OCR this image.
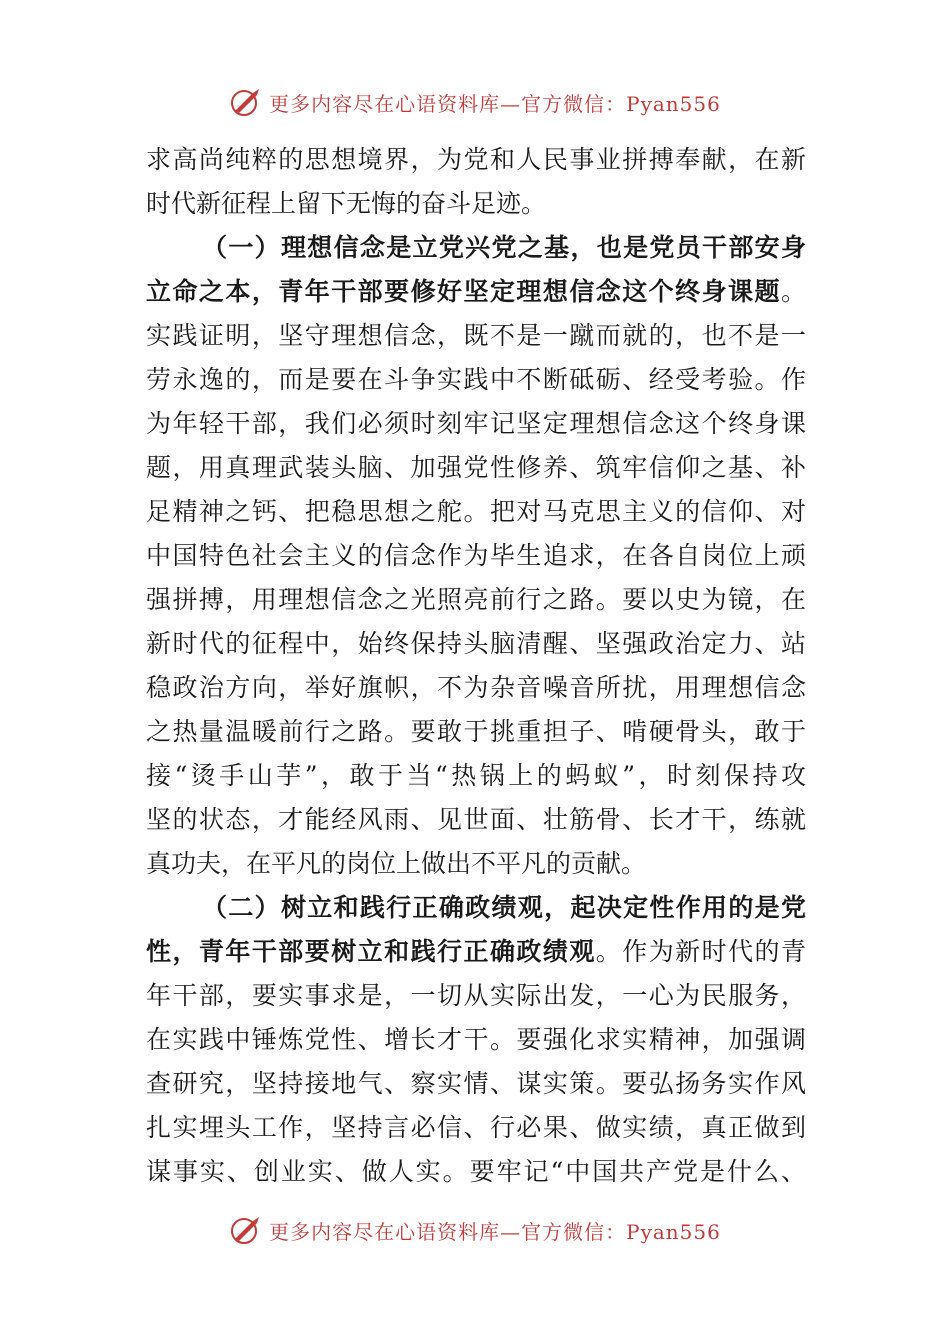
更多内容尽在心语资料库—官方微信：Pyan556
求高尚纯粹的思想境界，为党和人民事业拼搏奉献，在新
时代新征程上留下无悔的奋斗足迹。
（一）理想信念是立党兴党之基，也是党员干部安身
立命之本，青年干部要修好坚定理想信念这个终身课题。
实践证明，坚守理想信念，既不是一蹴而就的，也不是一
劳永逸的，而是要在斗争实践中不断砥砺、经受考验。作
为年轻干部，我们必须时刻牢记坚定理想信念这个终身课
题，用真理武装头脑、加强党性修养、筑牢信仰之基、补
足精神之钙、把稳思想之舵。把对马克思主义的信仰、对
中国特色社会主义的信念作为毕生追求，在各自岗位上顽
强拼搏，用理想信念之光照亮前行之路。要以史为镜，在
新时代的征程中，始终保持头脑清醒、坚强政治定力、站
稳政治方向，举好旗帜，不为杂音噪音所扰，用理想信念
之热量温暖前行之路。要敢于挑重担子、啃硬骨头，敢于
接“烫手山芋”，敢于当“热锅上的蚂蚁”，时刻保持攻
坚的状态，才能经风雨、见世面、壮筋骨、长才干，练就
真功夫，在平凡的岗位上做出不平凡的贡献。
（二）树立和践行正确政绩观，起决定性作用的是党
性，青年干部要树立和践行正确政绩观。作为新时代的青
年干部，要实事求是，一切从实际出发，一心为民服务，
在实践中锤炼党性、增长才干。要强化求实精神，加强调
查研究，坚持接地气、察实情、谋实策。要弘扬务实作风
扎实埋头工作，坚持言必信、行必果、做实绩，真正做到
谋事实、创业实、做人实。要牢记“中国共产党是什么、
更多内容尽在心语资料库—官方微信：Pyan556
